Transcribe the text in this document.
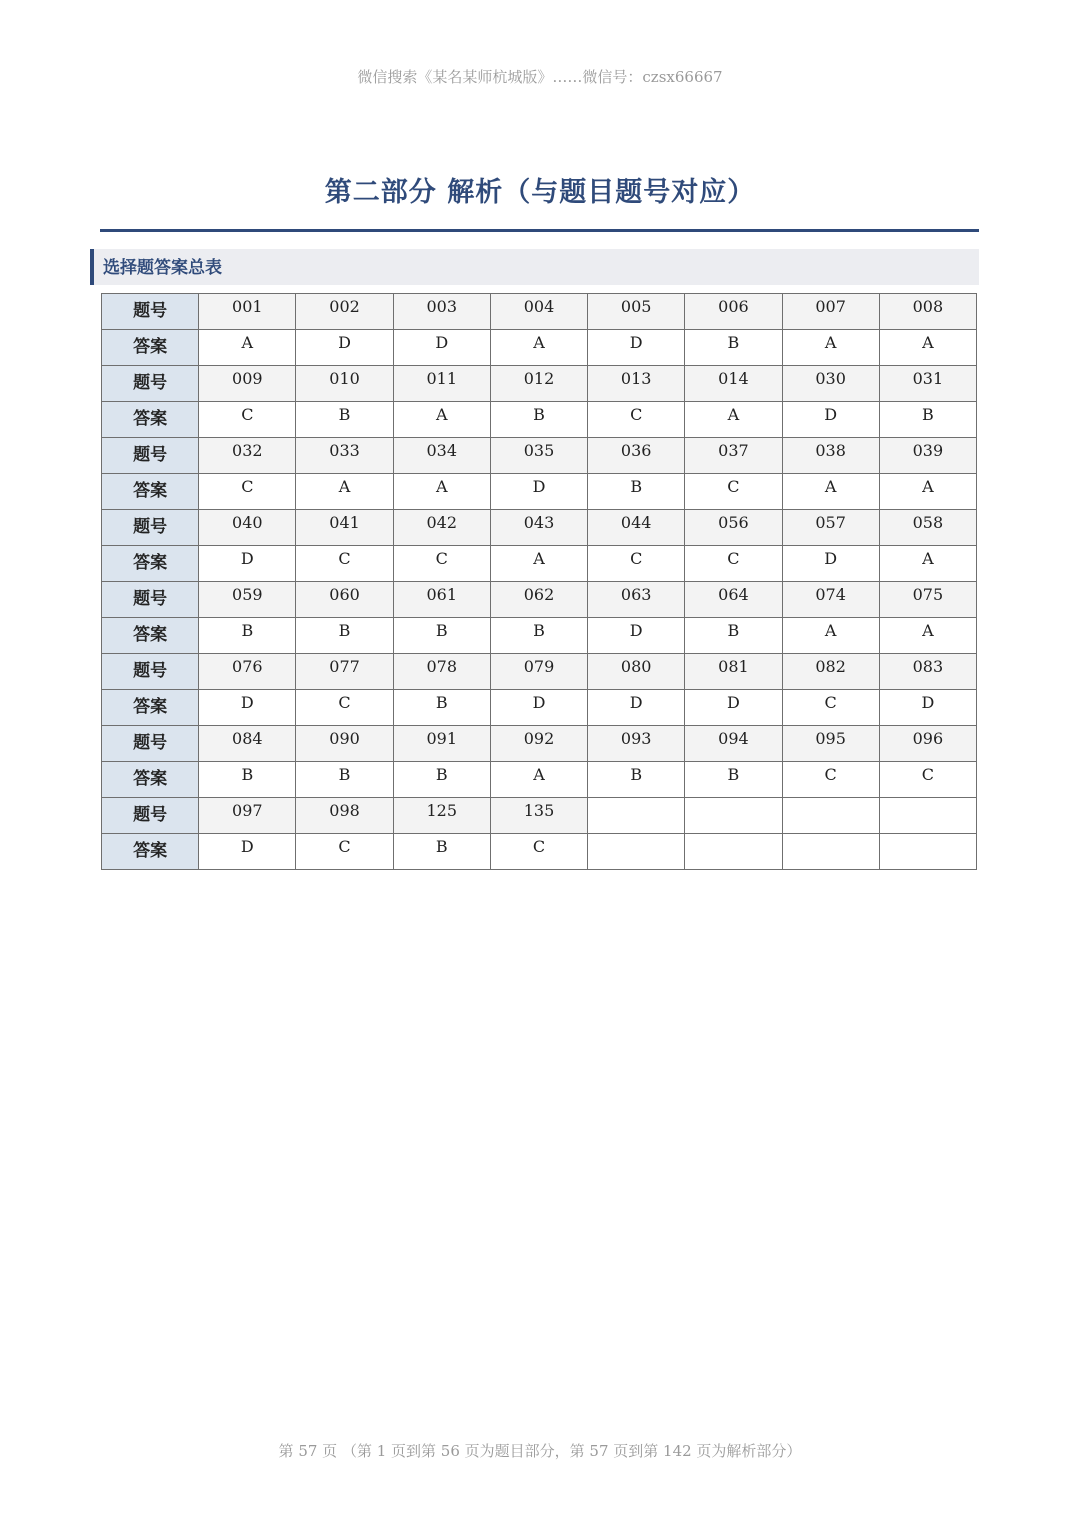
微信搜索《某名某师杭城版》……微信号：czsx66667
第二部分 解析（与题目题号对应）
选择题答案总表
题号	001	002	003	004	005	006	007	008
答案	A	D	D	A	D	B	A	A
题号	009	010	011	012	013	014	030	031
答案	C	B	A	B	C	A	D	B
题号	032	033	034	035	036	037	038	039
答案	C	A	A	D	B	C	A	A
题号	040	041	042	043	044	056	057	058
答案	D	C	C	A	C	C	D	A
题号	059	060	061	062	063	064	074	075
答案	B	B	B	B	D	B	A	A
题号	076	077	078	079	080	081	082	083
答案	D	C	B	D	D	D	C	D
题号	084	090	091	092	093	094	095	096
答案	B	B	B	A	B	B	C	C
题号	097	098	125	135				
答案	D	C	B	C				
第 57 页 （第 1 页到第 56 页为题目部分，第 57 页到第 142 页为解析部分）
